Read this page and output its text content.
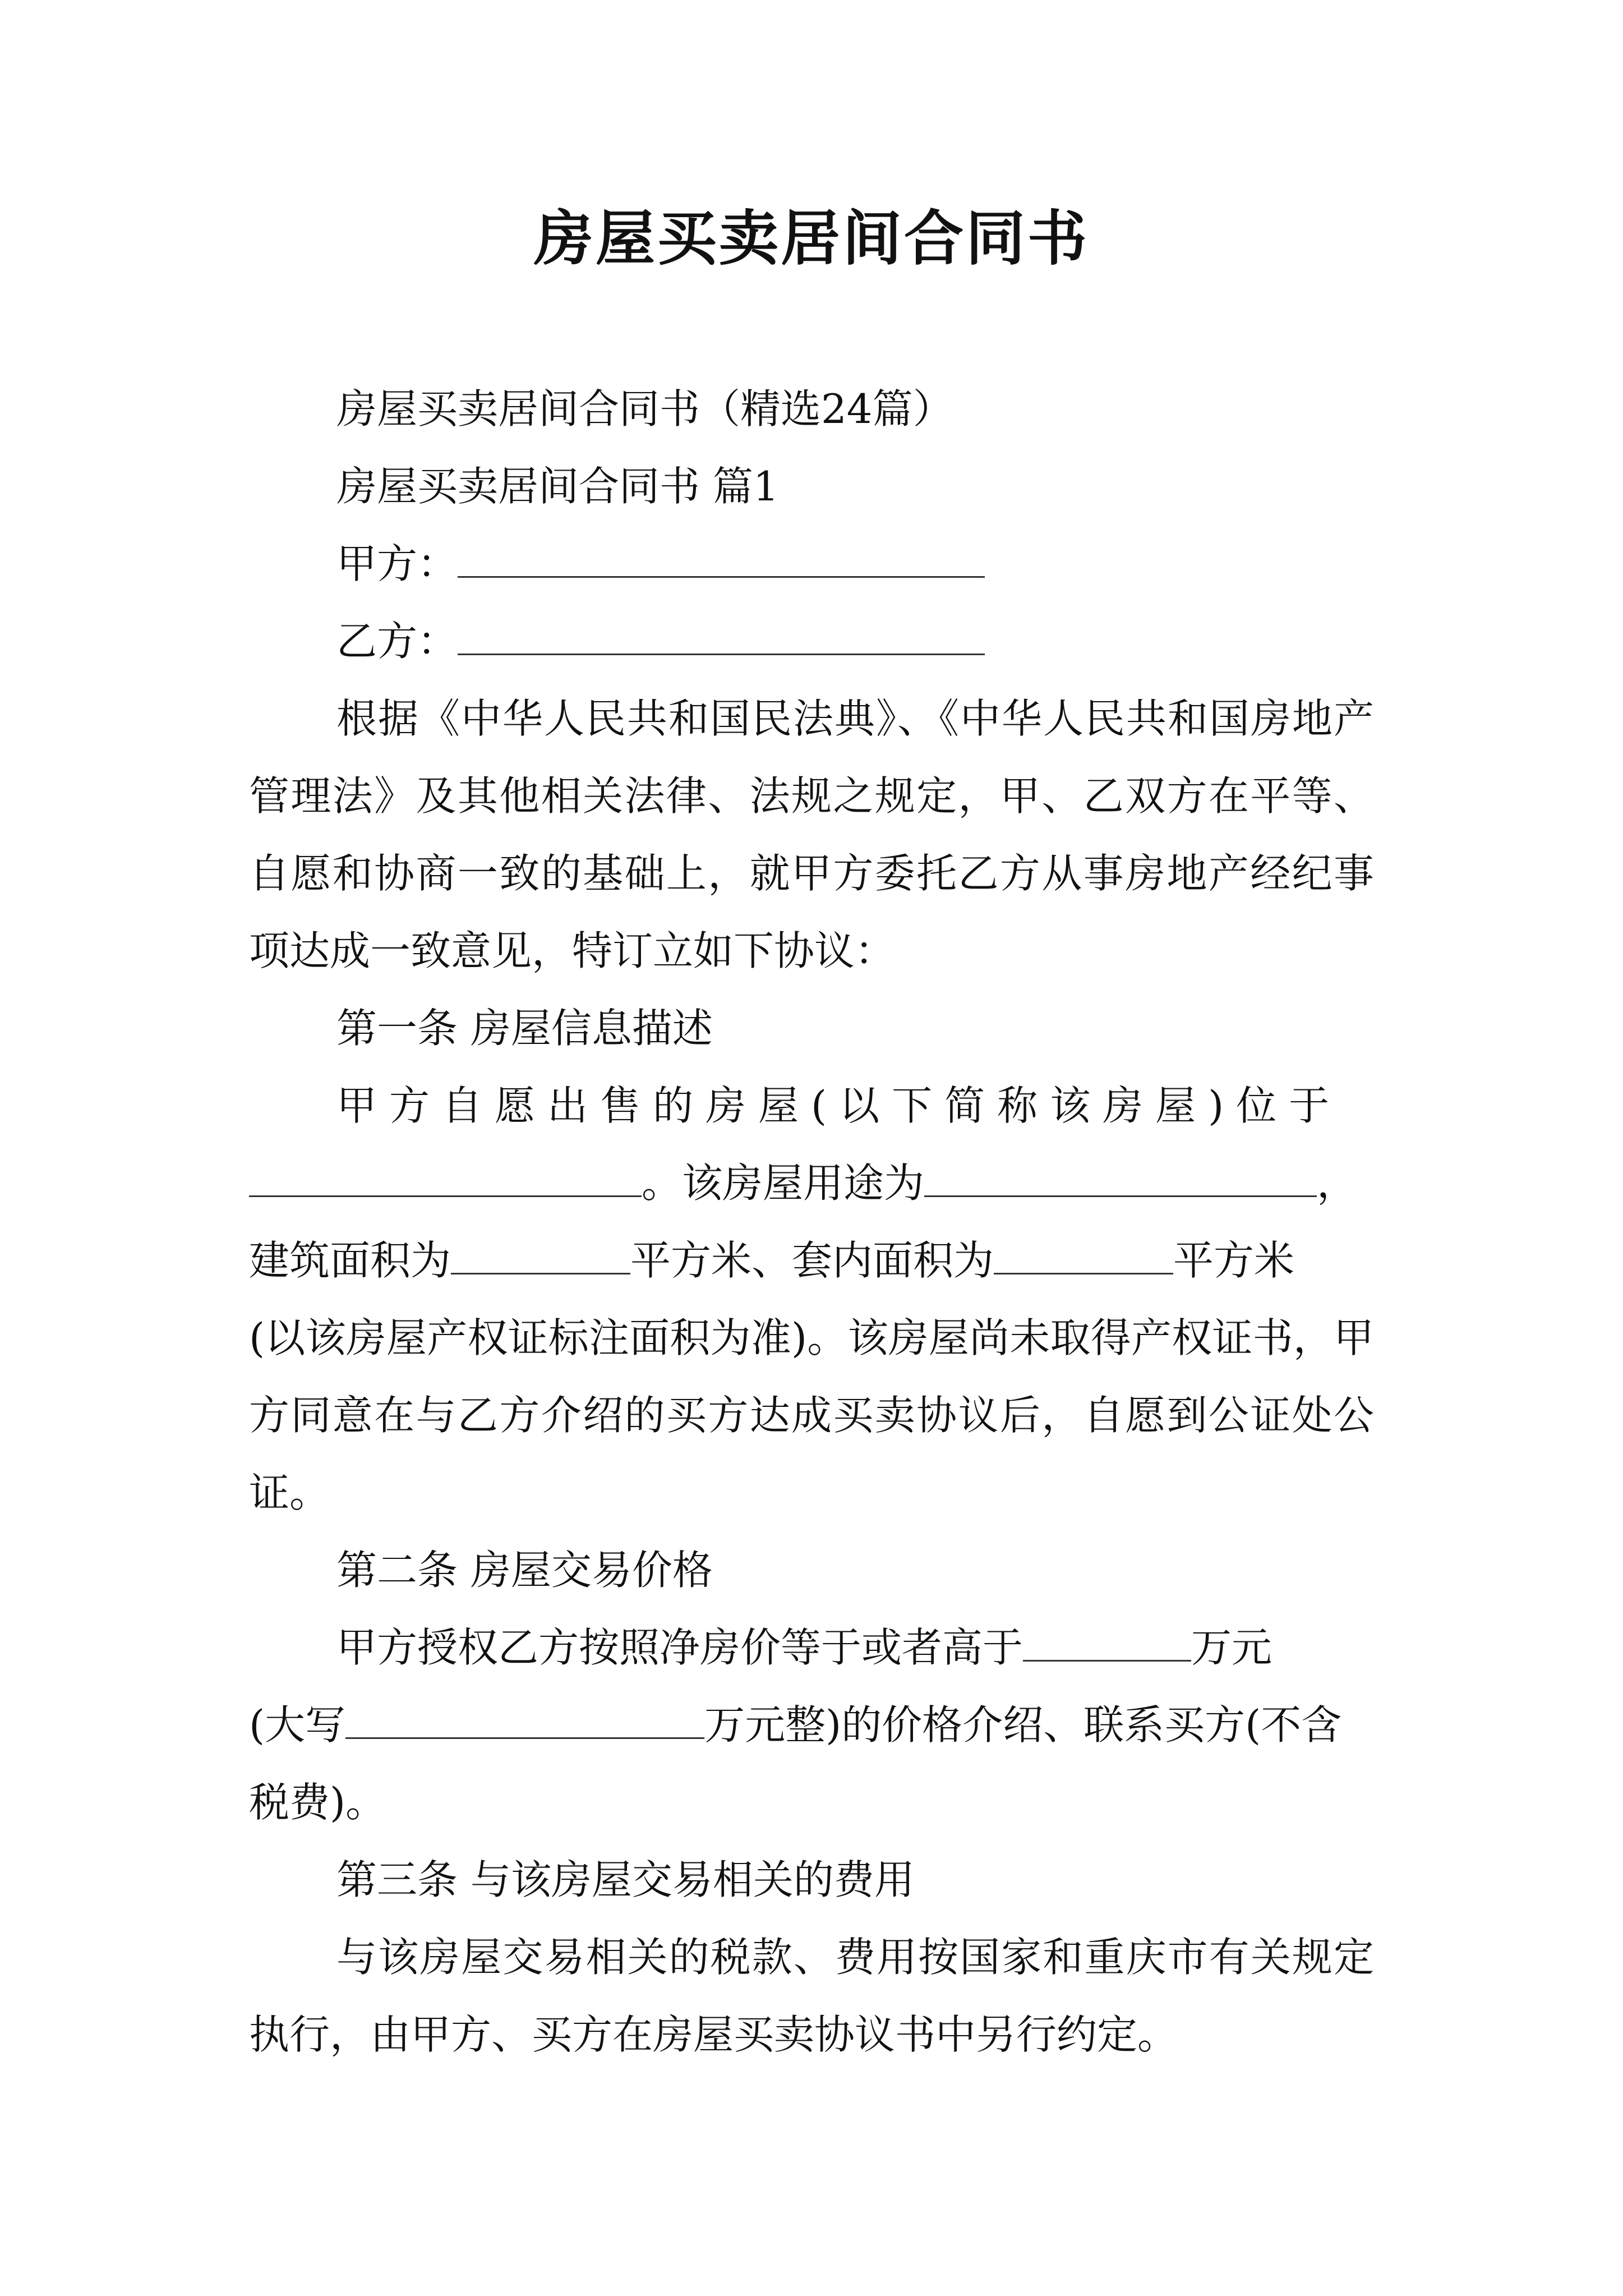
房屋买卖居间合同书
房屋买卖居间合同书（精选24篇）
房屋买卖居间合同书 篇1
甲方：
乙方：

根据《中华人民共和国民法典》、《中华人民共和国房地产管理法》及其他相关法律、法规之规定，甲、乙双方在平等、自愿和协商一致的基础上，就甲方委托乙方从事房地产经纪事项达成一致意见，特订立如下协议：

第一条 房屋信息描述
甲方自愿出售的房屋(以下简称该房屋)位于
。该房屋用途为	，
建筑面积为	平方米、套内面积为	平方米

(以该房屋产权证标注面积为准)。该房屋尚未取得产权证书，甲方同意在与乙方介绍的买方达成买卖协议后，自愿到公证处公证。

第二条 房屋交易价格
甲方授权乙方按照净房价等于或者高于	万元
(大写	万元整)的价格介绍、联系买方(不含税费)。
第三条 与该房屋交易相关的费用

与该房屋交易相关的税款、费用按国家和重庆市有关规定执行，由甲方、买方在房屋买卖协议书中另行约定。
